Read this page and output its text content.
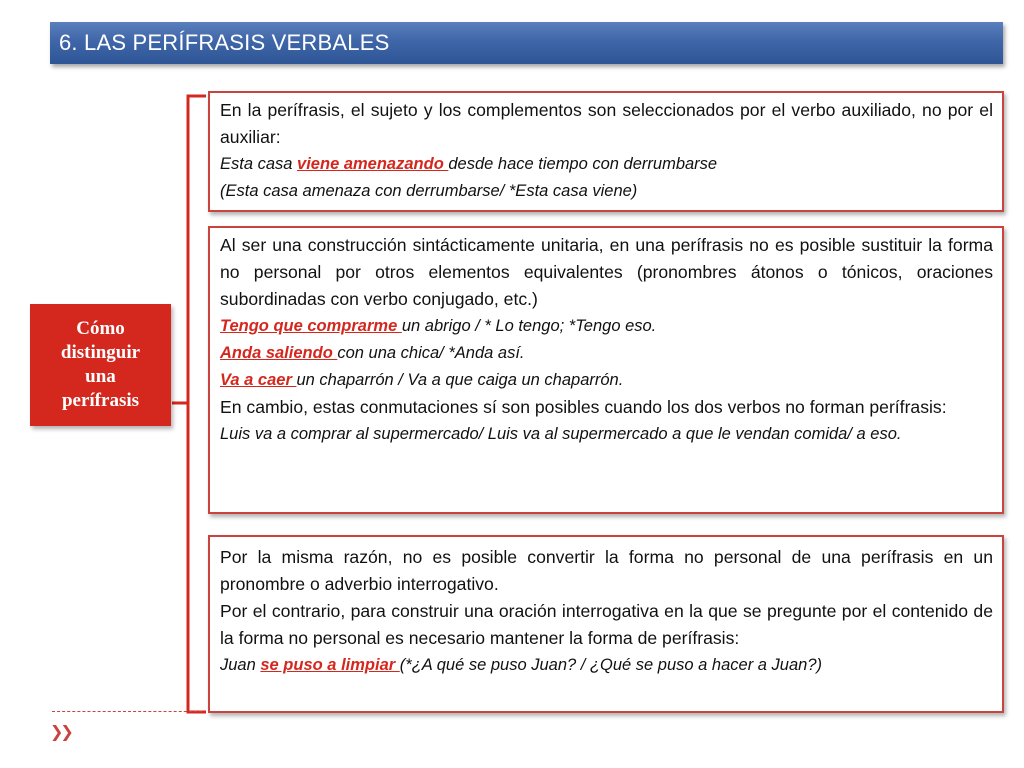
6. LAS PERÍFRASIS VERBALES
Cómo
distinguir
una
perífrasis

En la perífrasis, el sujeto y los complementos son seleccionados por el verbo auxiliado, no por el auxiliar:

Esta casa viene amenazando desde hace tiempo con derrumbarse

(Esta casa amenaza con derrumbarse/ *Esta casa viene)

Al ser una construcción sintácticamente unitaria, en una perífrasis no es posible sustituir la forma no personal por otros elementos equivalentes (pronombres átonos o tónicos, oraciones subordinadas con verbo conjugado, etc.)

Tengo que comprarme un abrigo / * Lo tengo; *Tengo eso.

Anda saliendo con una chica/ *Anda así.

Va a caer un chaparrón / Va a que caiga un chaparrón.

En cambio, estas conmutaciones sí son posibles cuando los dos verbos no forman perífrasis:

Luis va a comprar al supermercado/ Luis va al supermercado a que le vendan comida/ a eso.

Por la misma razón, no es posible convertir la forma no personal de una perífrasis en un pronombre o adverbio interrogativo.

Por el contrario, para construir una oración interrogativa en la que se pregunte por el contenido de la forma no personal es necesario mantener la forma de perífrasis:

Juan se puso a limpiar (*¿A qué se puso Juan? / ¿Qué se puso a hacer a Juan?)

❯❯
